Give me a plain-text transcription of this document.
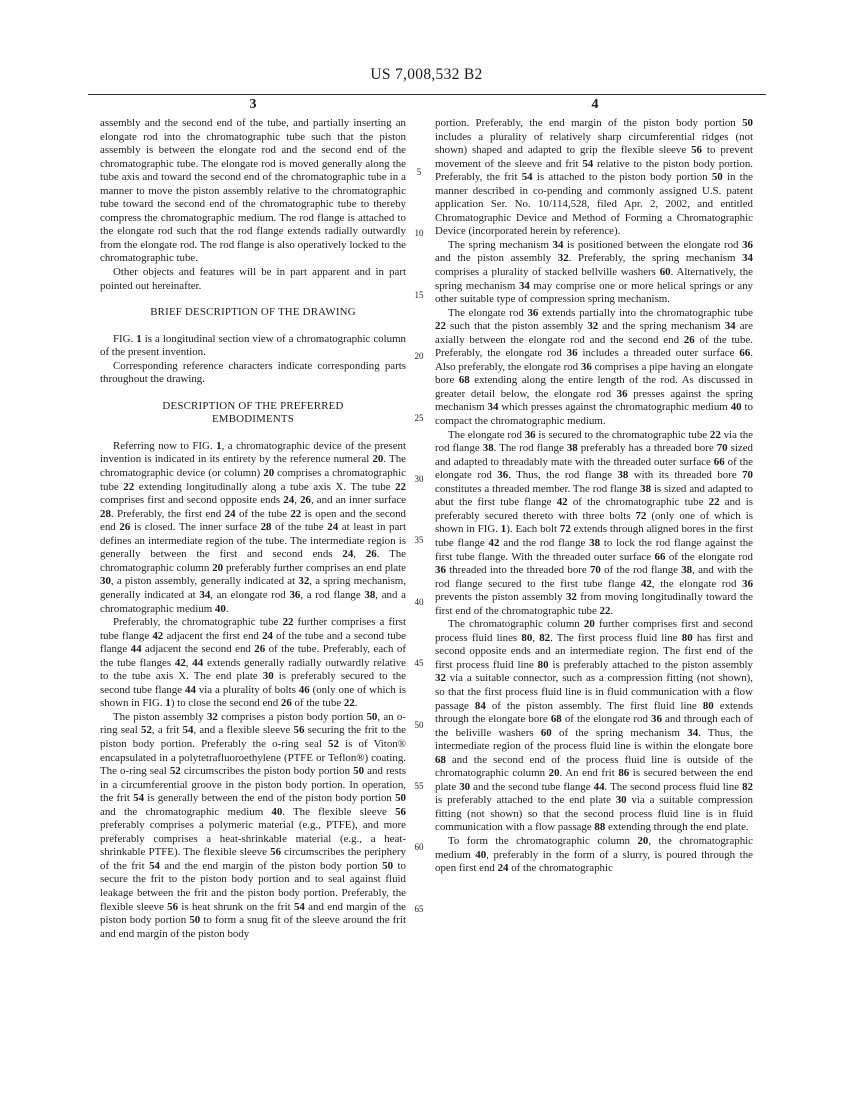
US 7,008,532 B2
3	4

assembly and the second end of the tube, and partially inserting an elongate rod into the chromatographic tube such that the piston assembly is between the elongate rod and the second end of the chromatographic tube. The elongate rod is moved generally along the tube axis and toward the second end of the chromatographic tube in a manner to move the piston assembly relative to the chromatographic tube toward the second end of the chromatographic tube to thereby compress the chromatographic medium. The rod flange is attached to the elongate rod such that the rod flange extends radially outwardly from the elongate rod. The rod flange is also operatively locked to the chromatographic tube.

Other objects and features will be in part apparent and in part pointed out hereinafter.

BRIEF DESCRIPTION OF THE DRAWING

FIG. 1 is a longitudinal section view of a chromatographic column of the present invention.

Corresponding reference characters indicate corresponding parts throughout the drawing.

DESCRIPTION OF THE PREFERRED
EMBODIMENTS

Referring now to FIG. 1, a chromatographic device of the present invention is indicated in its entirety by the reference numeral 20. The chromatographic device (or column) 20 comprises a chromatographic tube 22 extending longitudinally along a tube axis X. The tube 22 comprises first and second opposite ends 24, 26, and an inner surface 28. Preferably, the first end 24 of the tube 22 is open and the second end 26 is closed. The inner surface 28 of the tube 24 at least in part defines an intermediate region of the tube. The intermediate region is generally between the first and second ends 24, 26. The chromatographic column 20 preferably further comprises an end plate 30, a piston assembly, generally indicated at 32, a spring mechanism, generally indicated at 34, an elongate rod 36, a rod flange 38, and a chromatographic medium 40.

Preferably, the chromatographic tube 22 further comprises a first tube flange 42 adjacent the first end 24 of the tube and a second tube flange 44 adjacent the second end 26 of the tube. Preferably, each of the tube flanges 42, 44 extends generally radially outwardly relative to the tube axis X. The end plate 30 is preferably secured to the second tube flange 44 via a plurality of bolts 46 (only one of which is shown in FIG. 1) to close the second end 26 of the tube 22.

The piston assembly 32 comprises a piston body portion 50, an o-ring seal 52, a frit 54, and a flexible sleeve 56 securing the frit to the piston body portion. Preferably the o-ring seal 52 is of Viton® encapsulated in a polytetrafluoroethylene (PTFE or Teflon®) coating. The o-ring seal 52 circumscribes the piston body portion 50 and rests in a circumferential groove in the piston body portion. In operation, the frit 54 is generally between the end of the piston body portion 50 and the chromatographic medium 40. The flexible sleeve 56 preferably comprises a polymeric material (e.g., PTFE), and more preferably comprises a heat-shrinkable material (e.g., a heat-shrinkable PTFE). The flexible sleeve 56 circumscribes the periphery of the frit 54 and the end margin of the piston body portion 50 to secure the frit to the piston body portion and to seal against fluid leakage between the frit and the piston body portion. Preferably, the flexible sleeve 56 is heat shrunk on the frit 54 and end margin of the piston body portion 50 to form a snug fit of the sleeve around the frit and end margin of the piston body

portion. Preferably, the end margin of the piston body portion 50 includes a plurality of relatively sharp circumferential ridges (not shown) shaped and adapted to grip the flexible sleeve 56 to prevent movement of the sleeve and frit 54 relative to the piston body portion. Preferably, the frit 54 is attached to the piston body portion 50 in the manner described in co-pending and commonly assigned U.S. patent application Ser. No. 10/114,528, filed Apr. 2, 2002, and entitled Chromatographic Device and Method of Forming a Chromatographic Device (incorporated herein by reference).

The spring mechanism 34 is positioned between the elongate rod 36 and the piston assembly 32. Preferably, the spring mechanism 34 comprises a plurality of stacked bellville washers 60. Alternatively, the spring mechanism 34 may comprise one or more helical springs or any other suitable type of compression spring mechanism.

The elongate rod 36 extends partially into the chromatographic tube 22 such that the piston assembly 32 and the spring mechanism 34 are axially between the elongate rod and the second end 26 of the tube. Preferably, the elongate rod 36 includes a threaded outer surface 66. Also preferably, the elongate rod 36 comprises a pipe having an elongate bore 68 extending along the entire length of the rod. As discussed in greater detail below, the elongate rod 36 presses against the spring mechanism 34 which presses against the chromatographic medium 40 to compact the chromatographic medium.

The elongate rod 36 is secured to the chromatographic tube 22 via the rod flange 38. The rod flange 38 preferably has a threaded bore 70 sized and adapted to threadably mate with the threaded outer surface 66 of the elongate rod 36. Thus, the rod flange 38 with its threaded bore 70 constitutes a threaded member. The rod flange 38 is sized and adapted to abut the first tube flange 42 of the chromatographic tube 22 and is preferably secured thereto with three bolts 72 (only one of which is shown in FIG. 1). Each bolt 72 extends through aligned bores in the first tube flange 42 and the rod flange 38 to lock the rod flange against the first tube flange. With the threaded outer surface 66 of the elongate rod 36 threaded into the threaded bore 70 of the rod flange 38, and with the rod flange secured to the first tube flange 42, the elongate rod 36 prevents the piston assembly 32 from moving longitudinally toward the first end of the chromatographic tube 22.

The chromatographic column 20 further comprises first and second process fluid lines 80, 82. The first process fluid line 80 has first and second opposite ends and an intermediate region. The first end of the first process fluid line 80 is preferably attached to the piston assembly 32 via a suitable connector, such as a compression fitting (not shown), so that the first process fluid line is in fluid communication with a flow passage 84 of the piston assembly. The first fluid line 80 extends through the elongate bore 68 of the elongate rod 36 and through each of the beliville washers 60 of the spring mechanism 34. Thus, the intermediate region of the process fluid line is within the elongate bore 68 and the second end of the process fluid line is outside of the chromatographic column 20. An end frit 86 is secured between the end plate 30 and the second tube flange 44. The second process fluid line 82 is preferably attached to the end plate 30 via a suitable compression fitting (not shown) so that the second process fluid line is in fluid communication with a flow passage 88 extending through the end plate.

To form the chromatographic column 20, the chromatographic medium 40, preferably in the form of a slurry, is poured through the open first end 24 of the chromatographic

5
10
15
20
25
30
35
40
45
50
55
60
65
